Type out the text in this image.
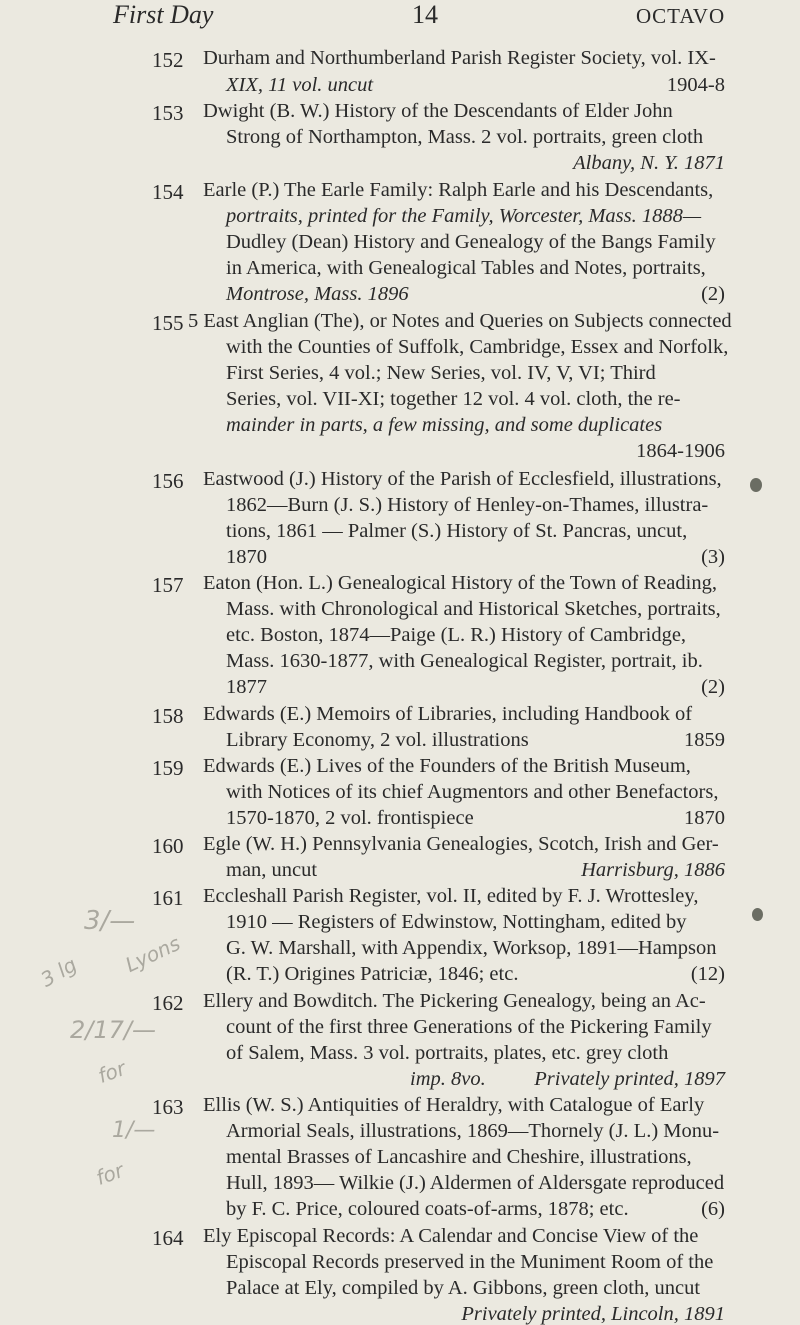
First Day	14	OCTAVO
152 Durham and Northumberland Parish Register Society, vol. IX-
XIX, 11 vol. uncut	1904-8
153 Dwight (B. W.) History of the Descendants of Elder John
Strong of Northampton, Mass. 2 vol. portraits, green cloth
Albany, N. Y. 1871
154 Earle (P.) The Earle Family: Ralph Earle and his Descendants,
portraits, printed for the Family, Worcester, Mass. 1888—
Dudley (Dean) History and Genealogy of the Bangs Family
in America, with Genealogical Tables and Notes, portraits,
Montrose, Mass. 1896	(2)
155 5 East Anglian (The), or Notes and Queries on Subjects connected
with the Counties of Suffolk, Cambridge, Essex and Norfolk,
First Series, 4 vol.; New Series, vol. IV, V, VI; Third
Series, vol. VII-XI; together 12 vol. 4 vol. cloth, the re-
mainder in parts, a few missing, and some duplicates
1864-1906
156 Eastwood (J.) History of the Parish of Ecclesfield, illustrations,
1862—Burn (J. S.) History of Henley-on-Thames, illustra-
tions, 1861 — Palmer (S.) History of St. Pancras, uncut,
1870	(3)
157 Eaton (Hon. L.) Genealogical History of the Town of Reading,
Mass. with Chronological and Historical Sketches, portraits,
etc. Boston, 1874—Paige (L. R.) History of Cambridge,
Mass. 1630-1877, with Genealogical Register, portrait, ib.
1877	(2)
158 Edwards (E.) Memoirs of Libraries, including Handbook of
Library Economy, 2 vol. illustrations	1859
159 Edwards (E.) Lives of the Founders of the British Museum,
with Notices of its chief Augmentors and other Benefactors,
1570-1870, 2 vol. frontispiece	1870
160 Egle (W. H.) Pennsylvania Genealogies, Scotch, Irish and Ger-
man, uncut	Harrisburg, 1886
161 Eccleshall Parish Register, vol. II, edited by F. J. Wrottesley,
1910 — Registers of Edwinstow, Nottingham, edited by
G. W. Marshall, with Appendix, Worksop, 1891—Hampson
(R. T.) Origines Patriciæ, 1846; etc.	(12)
162 Ellery and Bowditch. The Pickering Genealogy, being an Ac-
count of the first three Generations of the Pickering Family
of Salem, Mass. 3 vol. portraits, plates, etc. grey cloth
imp. 8vo.	Privately printed, 1897
163 Ellis (W. S.) Antiquities of Heraldry, with Catalogue of Early
Armorial Seals, illustrations, 1869—Thornely (J. L.) Monu-
mental Brasses of Lancashire and Cheshire, illustrations,
Hull, 1893— Wilkie (J.) Aldermen of Aldersgate reproduced
by F. C. Price, coloured coats-of-arms, 1878; etc.	(6)
164 Ely Episcopal Records: A Calendar and Concise View of the
Episcopal Records preserved in the Muniment Room of the
Palace at Ely, compiled by A. Gibbons, green cloth, uncut
Privately printed, Lincoln, 1891
3/—
Lyons
3 lg
2/17/—
for
1/—
for
